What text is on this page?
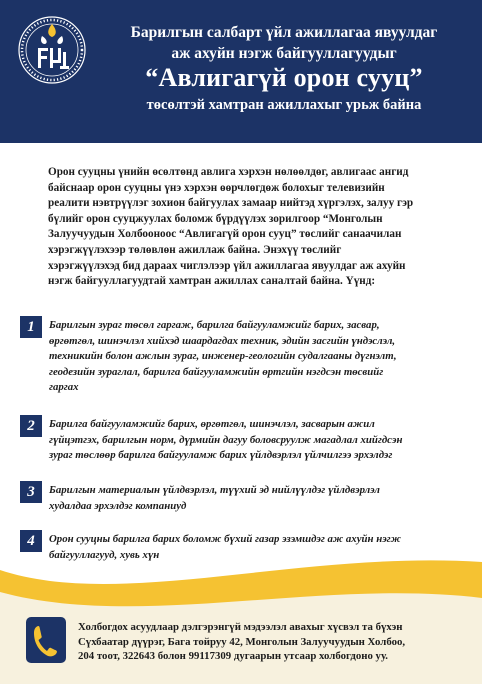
Барилгын салбарт үйл ажиллагаа явуулдаг
аж ахуйн нэгж байгууллагуудыг
“Авлигагүй орон сууц”
төсөлтэй хамтран ажиллахыг урьж байна
Орон сууцны үнийн өсөлтөнд авлига хэрхэн нөлөөлдөг, авлигаас ангид
байснаар орон сууцны үнэ хэрхэн өөрчлөгдөж болохыг телевизийн
реалити нэвтрүүлэг зохион байгуулах замаар нийтэд хүргэлэх, залуу гэр
бүлийг орон сууцжуулах боломж бүрдүүлэх зорилгоор “Монголын
Залуучуудын Холбооноос “Авлигагүй орон сууц” төслийг санаачилан
хэрэгжүүлэхээр төлөвлөн ажиллаж байна. Энэхүү төслийг
хэрэгжүүлэхэд бид дараах чиглэлээр үйл ажиллагаа явуулдаг аж ахуйн
нэгж байгууллагуудтай хамтран ажиллах саналтай байна. Үүнд:
1	Барилгын зураг төсөл гаргаж, барилга байгууламжийг барих, засвар,
өргөтгөл, шинэчлэл хийхэд шаардагдах техник, эдийн засгийн үндэслэл,
техникийн болон ажлын зураг, инженер-геологийн судалгааны дүгнэлт,
геодезийн зураглал, барилга байгууламжийн өртгийн нэгдсэн төсвийг
гаргах
2	Барилга байгууламжийг барих, өргөтгөл, шинэчлэл, засварын ажил
гүйцэтгэх, барилгын норм, дүрмийн дагуу боловсруулж магадлал хийгдсэн
зураг төслөөр барилга байгууламж барих үйлдвэрлэл үйлчилгээ эрхэлдэг
3	Барилгын материалын үйлдвэрлэл, түүхий эд нийлүүлдэг үйлдвэрлэл
худалдаа эрхэлдэг компаниуд
4	Орон сууцны барилга барих боломж бүхий газар эзэмшдэг аж ахуйн нэгж
байгууллагууд, хувь хүн
Холбогдох асуудлаар дэлгэрэнгүй мэдээлэл авахыг хүсвэл та бүхэн
Сүхбаатар дүүрэг, Бага тойруу 42, Монголын Залуучуудын Холбоо,
204 тоот, 322643 болон 99117309 дугаарын утсаар холбогдоно уу.
